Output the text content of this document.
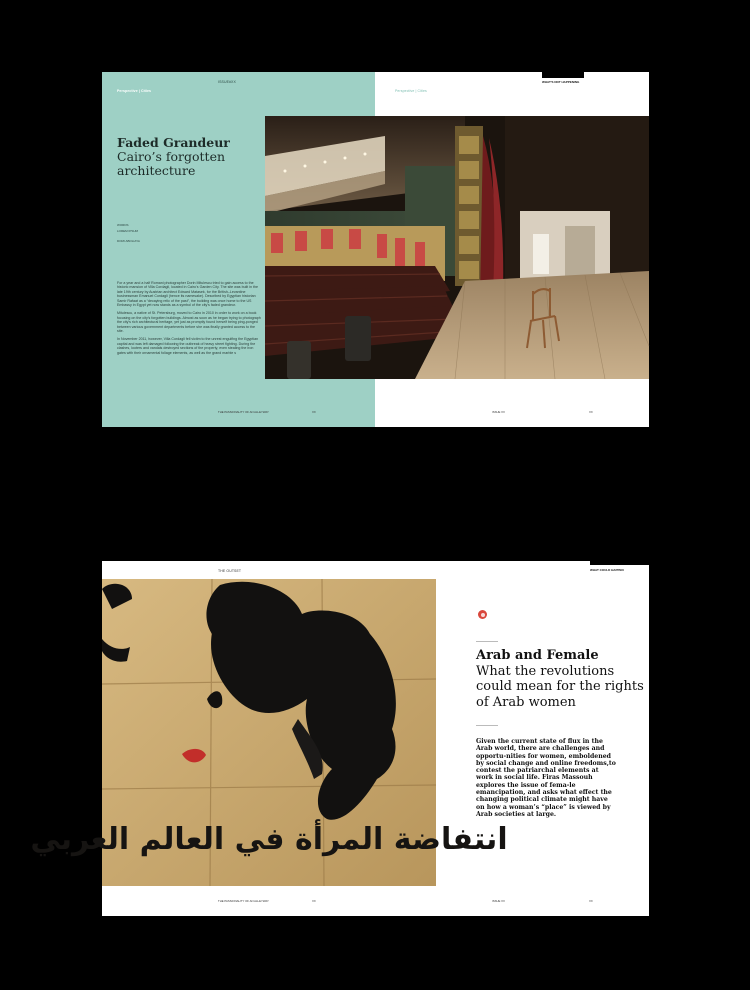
ISSUE#XX
Perspective | Cities	Perspective | Cities
WHAT'S NOT HAPPENING
Faded Grandeur
Cairo’s forgotten architecture
WORDS
LOREM IPSUM
DOMI ABOLIAYA

For a year and a half Romani photographer Dorin Mitulescu tried to gain access to the historic mansion of Villa Cordagli, located in Cairo’s Garden City. The site was built in the late 19th century by Austrian architect Edward Matasek, for the British–Levantine businessman Emanuel Cordagli (hence its namesake). Described by Egyptian historian Samir Rafaat as a “decaying relic of the past”, the building was once home to the US Embassy in Egypt yet now stands as a symbol of the city’s faded grandeur.

Mitulescu, a native of St. Petersburg, moved to Cairo in 2010 in order to work on a book focusing on the city’s forgotten buildings. Almost as soon as he began trying to photograph the city’s rich architectural heritage, yet just as promptly found herself being ping-ponged between various government departments before she was finally granted access to the site.

In November 2011, however, Villa Cordagli fell victim to the unrest engulfing the Egyptian capital and was left damaged following the outbreak of heavy street fighting. During the clashes, looters and vandals destroyed sections of the property, even stealing the iron gates with their ornamental foliage elements, as well as the grand marble s

THE PASSIONALITY OF AN ALLEYWAY	XX	ISSUE XX	XX
THE OUTSET	WHAT COULD HAPPEN
انتفاضة المرأة في العالم العربي
Arab and Female
What the revolutions could mean for the rights of Arab women
Given the current state of flux in the Arab world, there are challenges and opportu-nities for women, emboldened by social change and online freedoms,to contest the patriarchal elements at work in social life. Firas Massouh explores the issue of fema-le emancipation, and asks what effect the changing political climate might have on how a woman’s “place” is viewed by Arab societies at large.
THE PASSIONALITY OF AN ALLEYWAY	XX	ISSUE XX	XX
